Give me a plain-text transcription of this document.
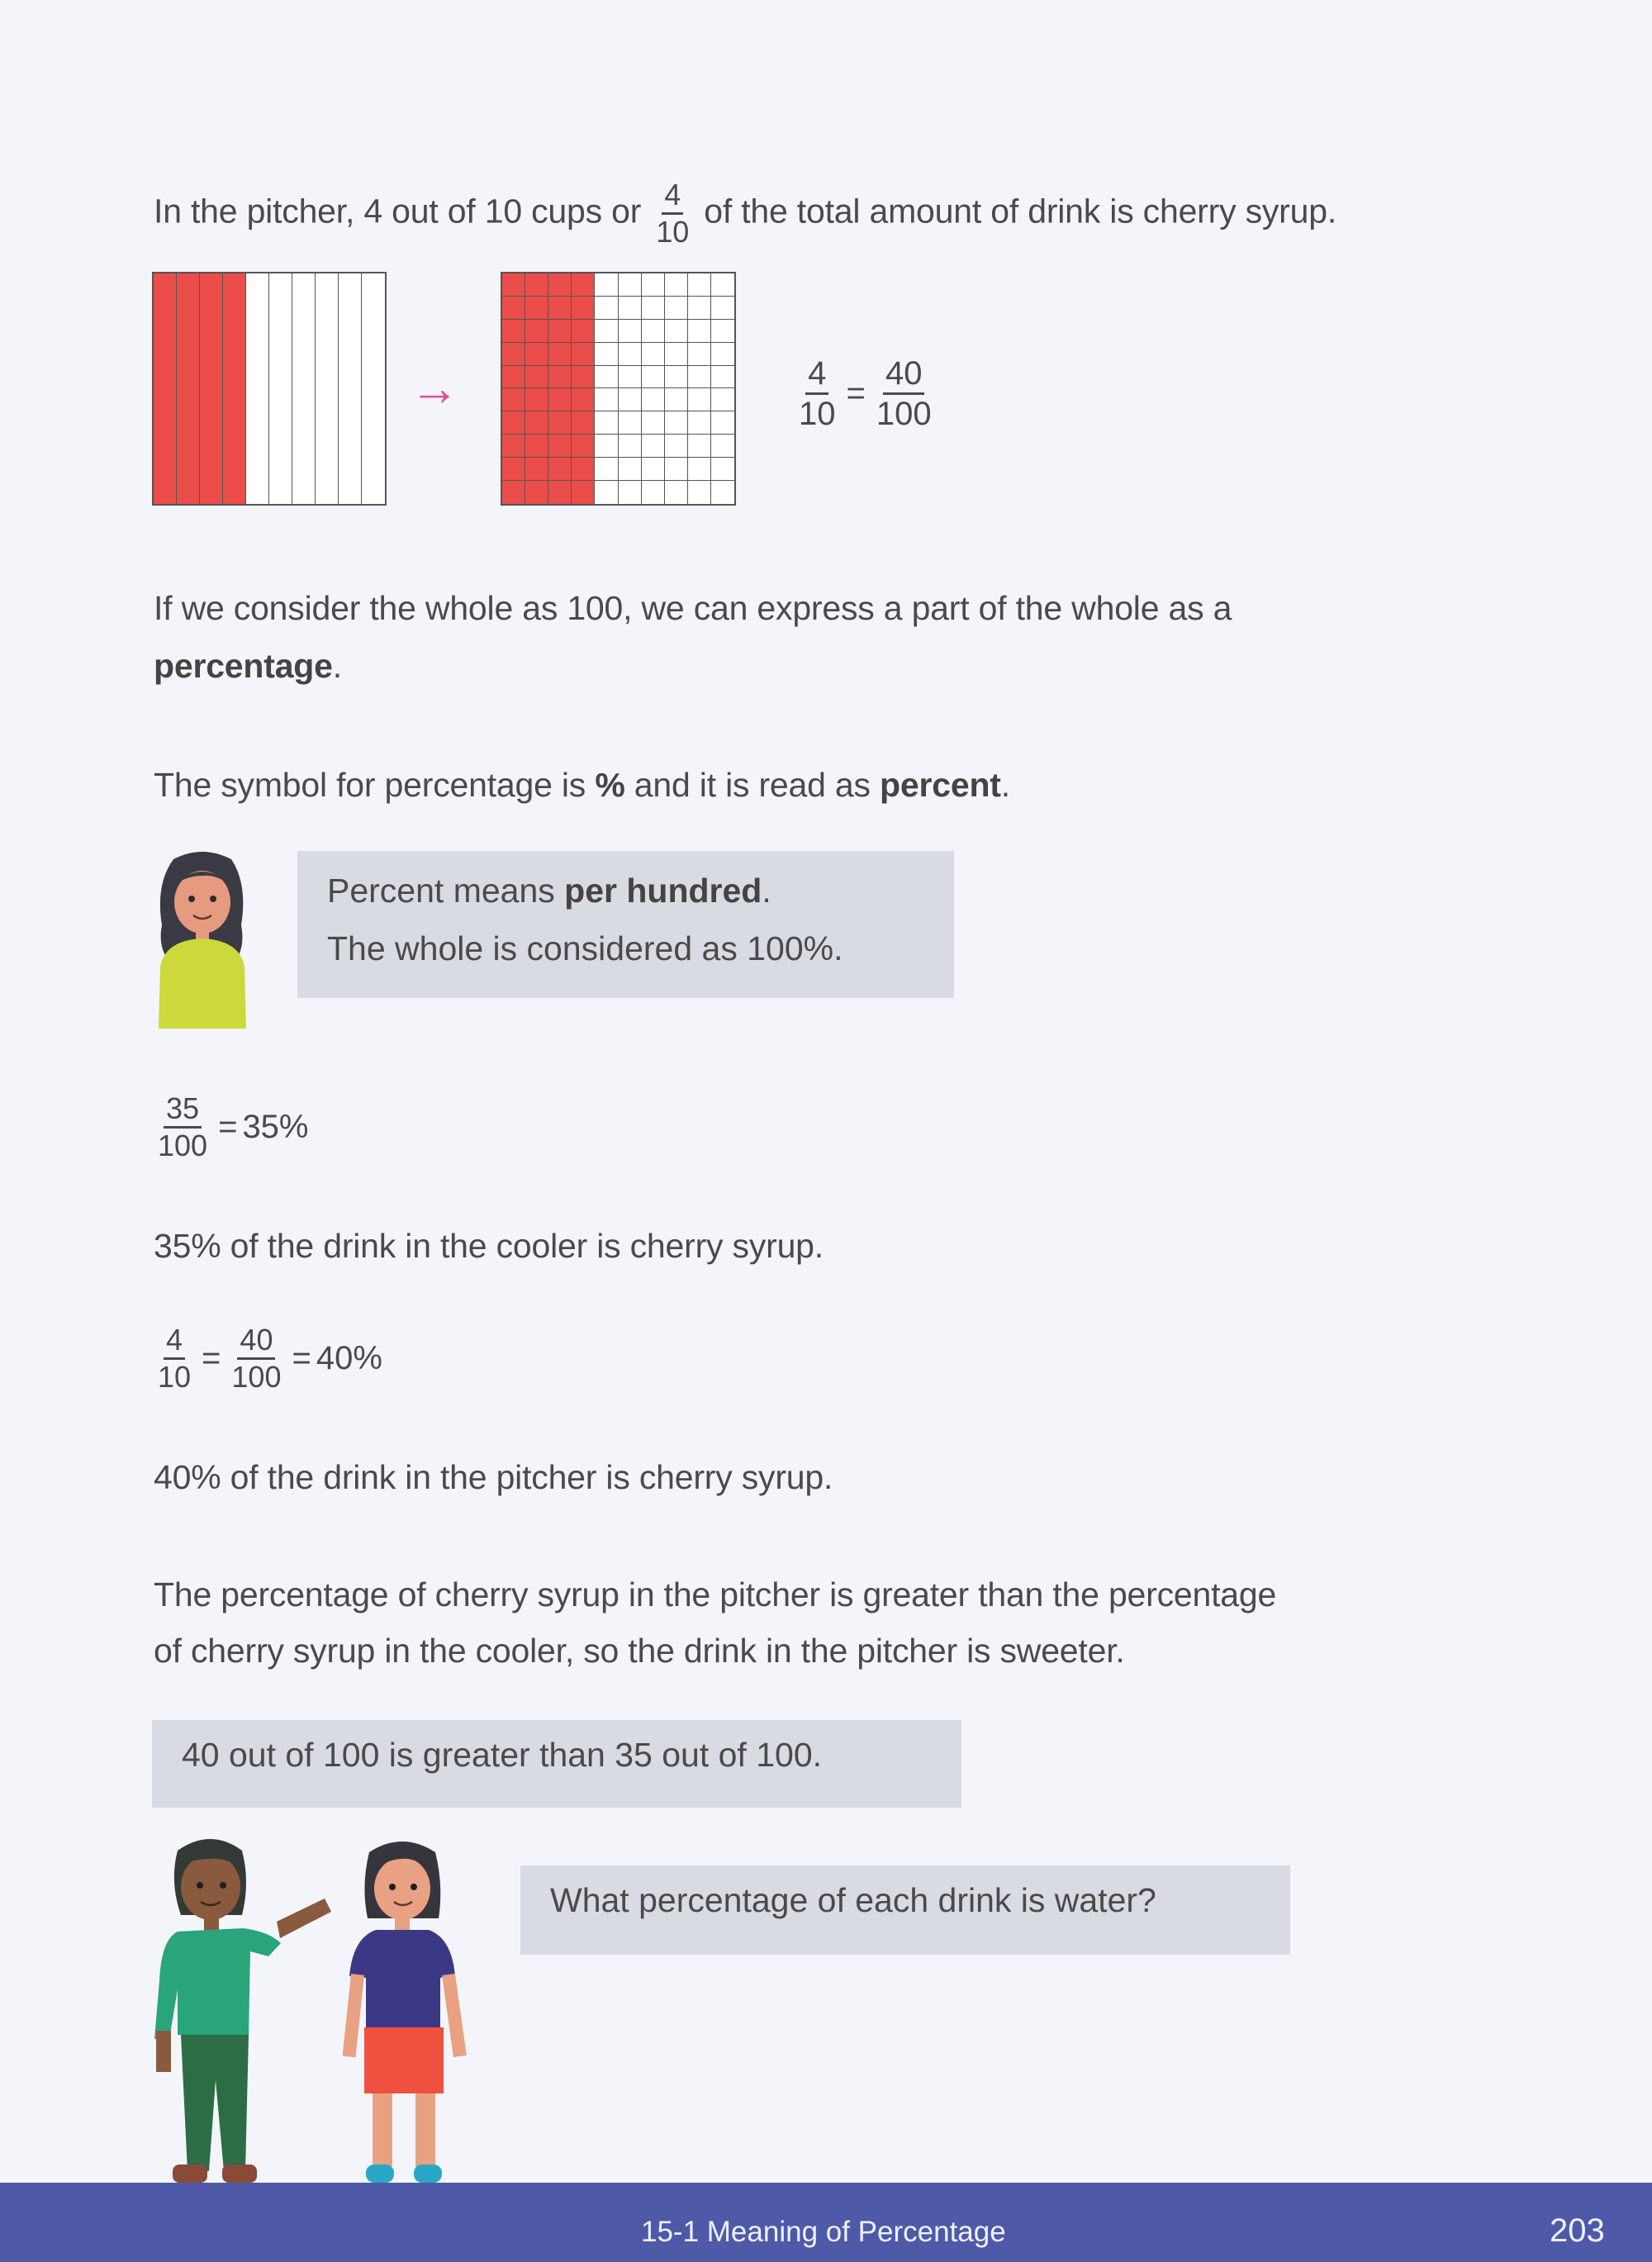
In the pitcher, 4 out of 10 cups or $\frac{4}{10}$ of the total amount of drink is cherry syrup.
→	$\frac{4}{10} = \frac{40}{100}$
If we consider the whole as 100, we can express a part of the whole as a
percentage.
The symbol for percentage is % and it is read as percent.
Percent means per hundred.
The whole is considered as 100%.
$\frac{35}{100} = 35\%$
35% of the drink in the cooler is cherry syrup.
$\frac{4}{10} = \frac{40}{100} = 40\%$
40% of the drink in the pitcher is cherry syrup.
The percentage of cherry syrup in the pitcher is greater than the percentage
of cherry syrup in the cooler, so the drink in the pitcher is sweeter.
40 out of 100 is greater than 35 out of 100.
What percentage of each drink is water?
15-1 Meaning of Percentage	203
